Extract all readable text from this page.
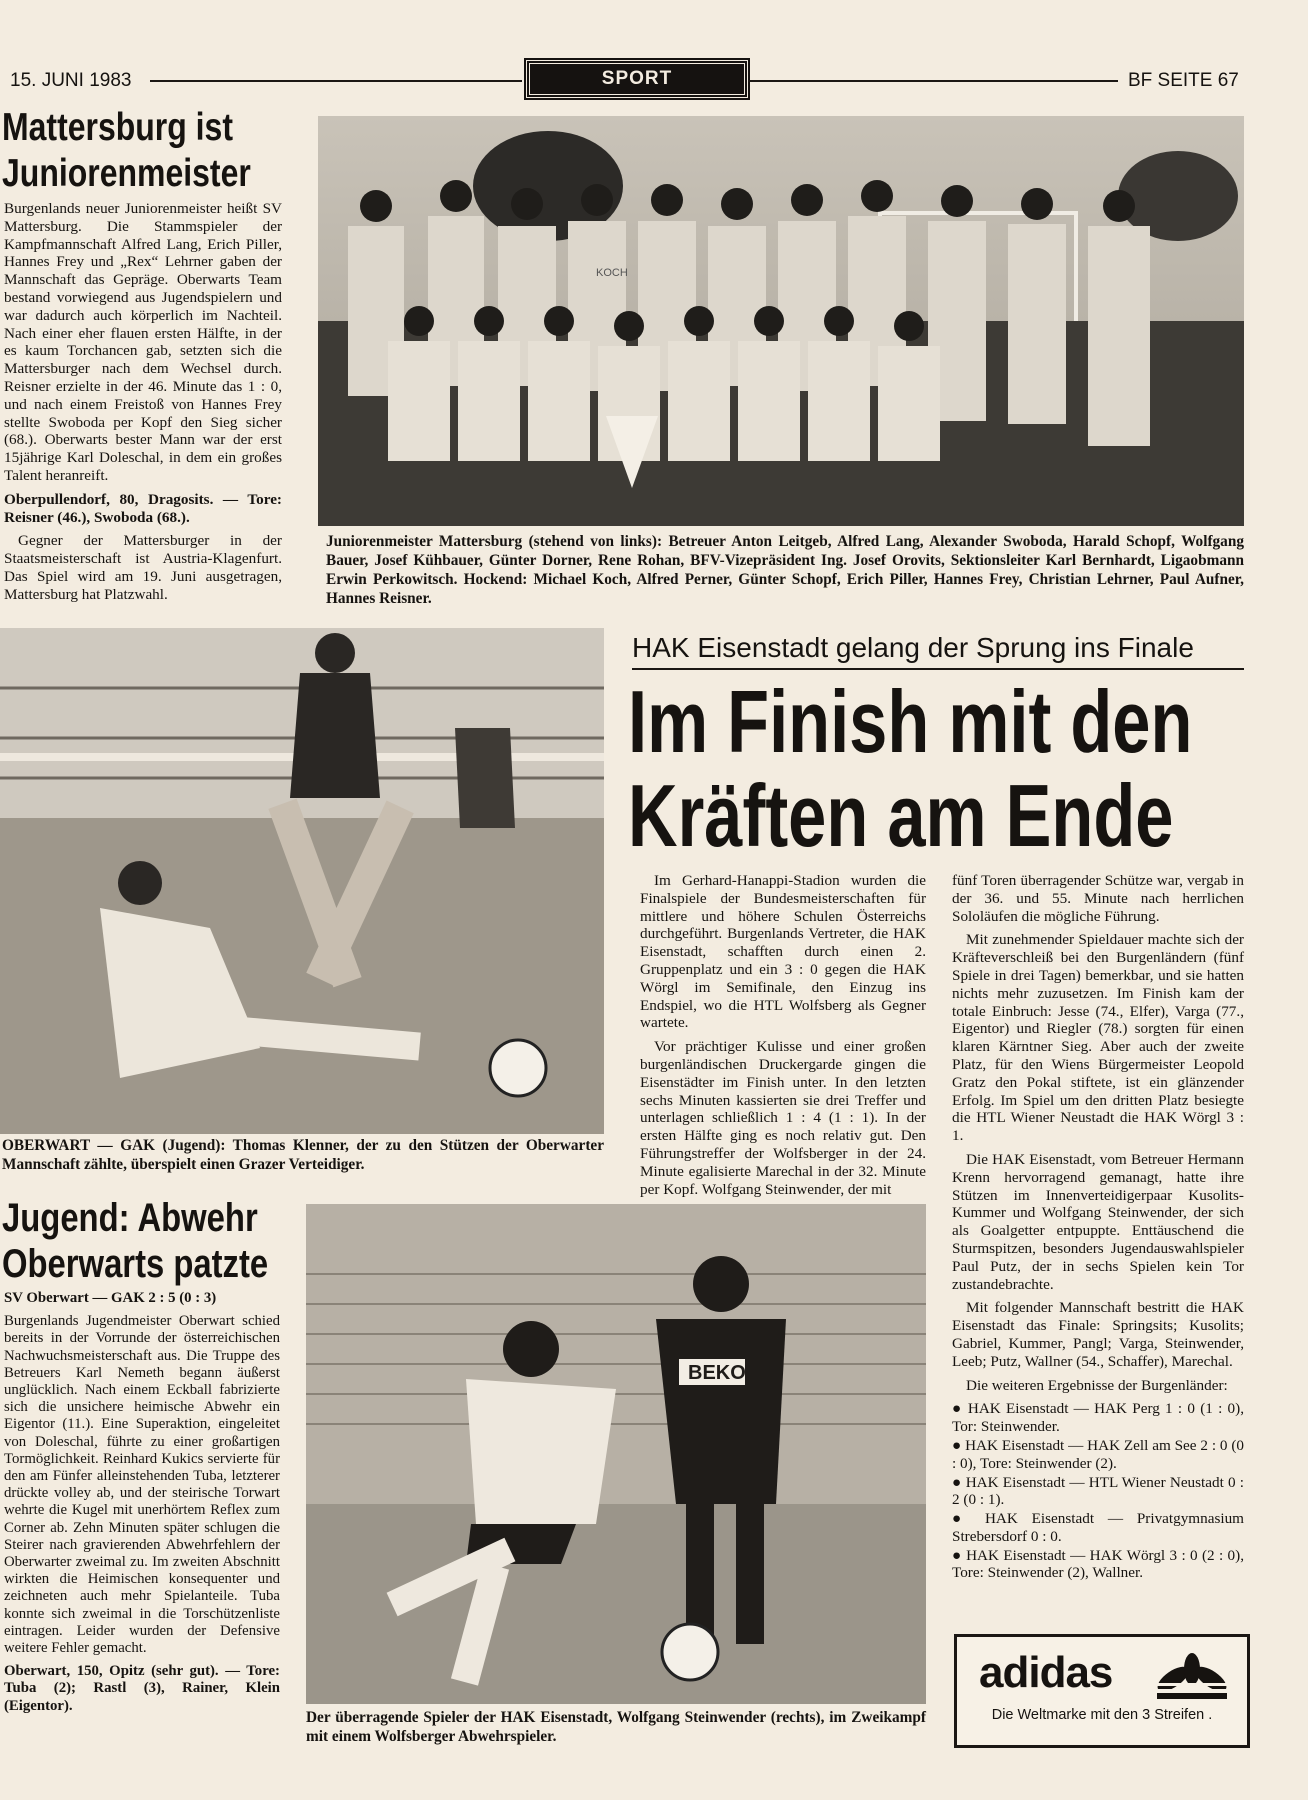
15. JUNI 1983	SPORT	BF SEITE 67
Mattersburg ist
Juniorenmeister

Burgenlands neuer Juniorenmeister heißt SV Mattersburg. Die Stammspieler der Kampfmannschaft Alfred Lang, Erich Piller, Hannes Frey und „Rex“ Lehrner gaben der Mannschaft das Gepräge. Oberwarts Team bestand vorwiegend aus Jugendspielern und war dadurch auch körperlich im Nachteil. Nach einer eher flauen ersten Hälfte, in der es kaum Torchancen gab, setzten sich die Mattersburger nach dem Wechsel durch. Reisner erzielte in der 46. Minute das 1 : 0, und nach einem Freistoß von Hannes Frey stellte Swoboda per Kopf den Sieg sicher (68.). Oberwarts bester Mann war der erst 15jährige Karl Doleschal, in dem ein großes Talent heranreift.

Oberpullendorf, 80, Dragosits. — Tore: Reisner (46.), Swoboda (68.).

Gegner der Mattersburger in der Staatsmeisterschaft ist Austria-Klagenfurt. Das Spiel wird am 19. Juni ausgetragen, Mattersburg hat Platzwahl.

KOCH
Juniorenmeister Mattersburg (stehend von links): Betreuer Anton Leitgeb, Alfred Lang, Alexander Swoboda, Harald Schopf, Wolfgang Bauer, Josef Kühbauer, Günter Dorner, Rene Rohan, BFV-Vizepräsident Ing. Josef Orovits, Sektionsleiter Karl Bernhardt, Ligaobmann Erwin Perkowitsch. Hockend: Michael Koch, Alfred Perner, Günter Schopf, Erich Piller, Hannes Frey, Christian Lehrner, Paul Aufner, Hannes Reisner.
OBERWART — GAK (Jugend): Thomas Klenner, der zu den Stützen der Oberwarter Mannschaft zählte, überspielt einen Grazer Verteidiger.
HAK Eisenstadt gelang der Sprung ins Finale
Im Finish mit den
Kräften am Ende

Im Gerhard-Hanappi-Stadion wurden die Finalspiele der Bundesmeisterschaften für mittlere und höhere Schulen Österreichs durchgeführt. Burgenlands Vertreter, die HAK Eisenstadt, schafften durch einen 2. Gruppenplatz und ein 3 : 0 gegen die HAK Wörgl im Semifinale, den Einzug ins Endspiel, wo die HTL Wolfsberg als Gegner wartete.

Vor prächtiger Kulisse und einer großen burgenländischen Druckergarde gingen die Eisenstädter im Finish unter. In den letzten sechs Minuten kassierten sie drei Treffer und unterlagen schließlich 1 : 4 (1 : 1). In der ersten Hälfte ging es noch relativ gut. Den Führungstreffer der Wolfsberger in der 24. Minute egalisierte Marechal in der 32. Minute per Kopf. Wolfgang Steinwender, der mit

fünf Toren überragender Schütze war, vergab in der 36. und 55. Minute nach herrlichen Sololäufen die mögliche Führung.

Mit zunehmender Spieldauer machte sich der Kräfteverschleiß bei den Burgenländern (fünf Spiele in drei Tagen) bemerkbar, und sie hatten nichts mehr zuzusetzen. Im Finish kam der totale Einbruch: Jesse (74., Elfer), Varga (77., Eigentor) und Riegler (78.) sorgten für einen klaren Kärntner Sieg. Aber auch der zweite Platz, für den Wiens Bürgermeister Leopold Gratz den Pokal stiftete, ist ein glänzender Erfolg. Im Spiel um den dritten Platz besiegte die HTL Wiener Neustadt die HAK Wörgl 3 : 1.

Die HAK Eisenstadt, vom Betreuer Hermann Krenn hervorragend gemanagt, hatte ihre Stützen im Innenverteidigerpaar Kusolits-Kummer und Wolfgang Steinwender, der sich als Goalgetter entpuppte. Enttäuschend die Sturmspitzen, besonders Jugendauswahlspieler Paul Putz, der in sechs Spielen kein Tor zustandebrachte.

Mit folgender Mannschaft bestritt die HAK Eisenstadt das Finale: Springsits; Kusolits; Gabriel, Kummer, Pangl; Varga, Steinwender, Leeb; Putz, Wallner (54., Schaffer), Marechal.

Die weiteren Ergebnisse der Burgenländer:

● HAK Eisenstadt — HAK Perg 1 : 0 (1 : 0), Tor: Steinwender.

● HAK Eisenstadt — HAK Zell am See 2 : 0 (0 : 0), Tore: Steinwender (2).

● HAK Eisenstadt — HTL Wiener Neustadt 0 : 2 (0 : 1).

● HAK Eisenstadt — Privatgymnasium Strebersdorf 0 : 0.

● HAK Eisenstadt — HAK Wörgl 3 : 0 (2 : 0), Tore: Steinwender (2), Wallner.

Jugend: Abwehr
Oberwarts patzte

SV Oberwart — GAK 2 : 5 (0 : 3)

Burgenlands Jugendmeister Oberwart schied bereits in der Vorrunde der österreichischen Nachwuchsmeisterschaft aus. Die Truppe des Betreuers Karl Nemeth begann äußerst unglücklich. Nach einem Eckball fabrizierte sich die unsichere heimische Abwehr ein Eigentor (11.). Eine Superaktion, eingeleitet von Doleschal, führte zu einer großartigen Tormöglichkeit. Reinhard Kukics servierte für den am Fünfer alleinstehenden Tuba, letzterer drückte volley ab, und der steirische Torwart wehrte die Kugel mit unerhörtem Reflex zum Corner ab. Zehn Minuten später schlugen die Steirer nach gravierenden Abwehrfehlern der Oberwarter zweimal zu. Im zweiten Abschnitt wirkten die Heimischen konsequenter und zeichneten auch mehr Spielanteile. Tuba konnte sich zweimal in die Torschützenliste eintragen. Leider wurden der Defensive weitere Fehler gemacht.

Oberwart, 150, Opitz (sehr gut). — Tore: Tuba (2); Rastl (3), Rainer, Klein (Eigentor).

BEKO
Der überragende Spieler der HAK Eisenstadt, Wolfgang Steinwender (rechts), im Zweikampf mit einem Wolfsberger Abwehrspieler.
adidas
Die Weltmarke mit den 3 Streifen .
